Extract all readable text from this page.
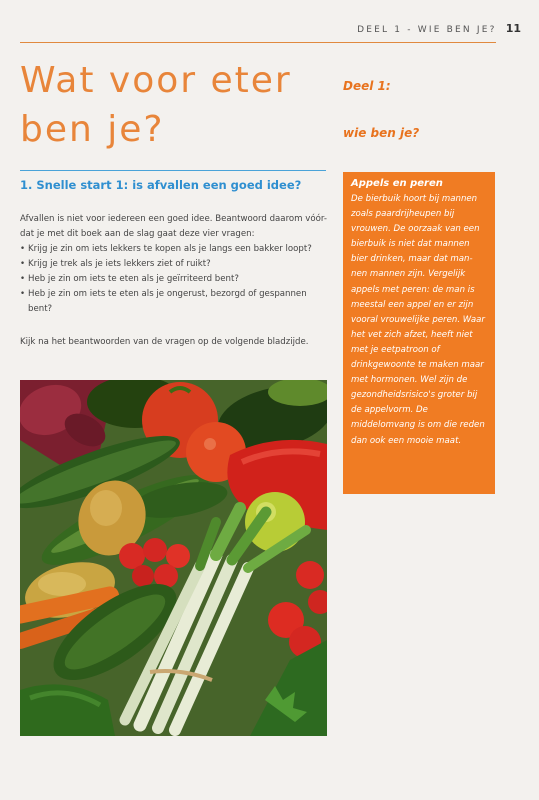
DEEL 1 - WIE BEN JE? 11
Wat voor eter
ben je?
Deel 1:
wie ben je?
1. Snelle start 1: is afvallen een goed idee?

Afvallen is niet voor iedereen een goed idee. Beantwoord daarom vóór-dat je met dit boek aan de slag gaat deze vier vragen:

• Krijg je zin om iets lekkers te kopen als je langs een bakker loopt?
• Krijg je trek als je iets lekkers ziet of ruikt?
• Heb je zin om iets te eten als je geïrriteerd bent?
• Heb je zin om iets te eten als je ongerust, bezorgd of gespannen bent?

Kijk na het beantwoorden van de vragen op de volgende bladzijde.

Appels en peren

De bierbuik hoort bij mannen zoals paardrijheupen bij vrouwen. De oorzaak van een bierbuik is niet dat mannen bier drinken, maar dat man-nen mannen zijn. Vergelijk appels met peren: de man is meestal een appel en er zijn vooral vrouwelijke peren. Waar het vet zich afzet, heeft niet met je eetpatroon of drinkgewoonte te maken maar met hormonen. Wel zijn de gezondheidsrisico's groter bij de appelvorm. De middelomvang is om die reden dan ook een mooie maat.
